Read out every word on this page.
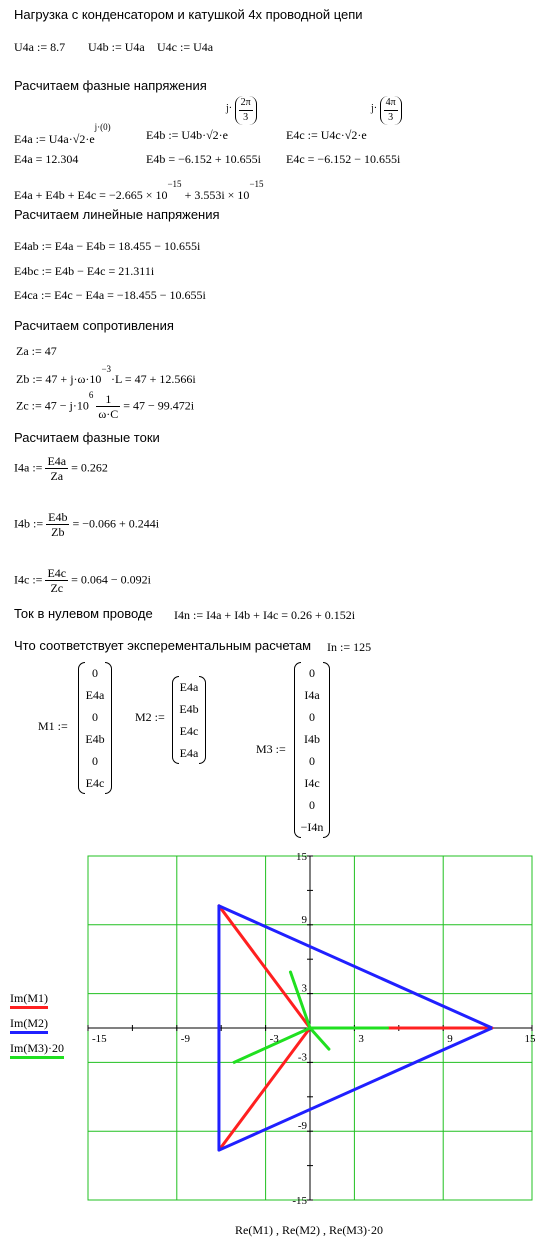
Нагрузка с конденсатором и катушкой 4х проводной цепи
U4a := 8.7 U4b := U4a U4c := U4a
Расчитаем фазные напряжения
E4a := $U4a\cdot√2\cdot e^{j\cdot(0)}$
E4b := U4b·√2·e
$j\cdot \frac{2\pi}{3}$
E4c := U4c·√2·e
$j\cdot \frac{4\pi}{3}$
E4a = 12.304	E4b = −6.152 + 10.655i E4c = −6.152 − 10.655i
$E4a + E4b + E4c = -2.665 \times 10^{-15} + 3.553i \times 10^{-15}$
Расчитаем линейные напряжения
E4ab := E4a − E4b = 18.455 − 10.655i
E4bc := E4b − E4c = 21.311i
E4ca := E4c − E4a = −18.455 − 10.655i
Расчитаем сопротивления
Za := 47
Zb := $47 + j\cdot\omega\cdot 10^{-3}\cdot L = 47 + 12.566i$
Zc := $47 - j\cdot 10^6 \frac{1}{\omega\cdot C} = 47 - 99.472i$
Расчитаем фазные токи
I4a := $\frac{E4a}{Za} = 0.262$
I4b := $\frac{E4b}{Zb} = -0.066 + 0.244i$
I4c := $\frac{E4c}{Zc} = 0.064 - 0.092i$
Ток в нулевом проводе I4n := I4a + I4b + I4c = 0.26 + 0.152i
Что соответствует эксперементальным расчетам In := 125
M1 :=
0
E4a
0
E4b
0
E4c
M2 :=
E4a
E4b
E4c
E4a	M3 :=
0
I4a
0
I4b
0
I4c
0
−I4n
-15	-9	-3	3	9	15
15
9
3
-3
-9
-15
Im(M1)
Im(M2)
Im(M3)·20
Re(M1) , Re(M2) , Re(M3)·20
